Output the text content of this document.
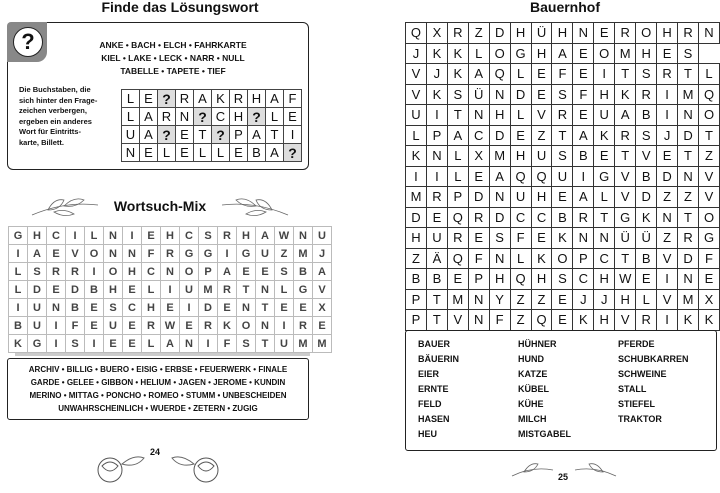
Finde das Lösungswort
?	ANKE • BACH • ELCH • FAHRKARTE
KIEL • LAKE • LECK • NARR • NULL
TABELLE • TAPETE • TIEF
Die Buchstaben, die
sich hinter den Frage-
zeichen verbergen,
ergeben ein anderes
Wort für Eintritts-
karte, Billett.
L	E	?	R	A	K	R	H	A	F
L	A	R	N	?	C	H	?	L	E
U	A	?	E	T	?	P	A	T	I
N	E	L	E	L	L	E	B	A	?
Wortsuch-Mix
G	H	C	I	L	N	I	E	H	C	S	R	H	A	W	N	U
I	A	E	V	O	N	N	F	R	G	G	I	G	U	Z	M	J
L	S	R	R	I	O	H	C	N	O	P	A	E	E	S	B	A
L	D	E	D	B	H	E	L	I	U	M	R	T	N	L	G	V
I	U	N	B	E	S	C	H	E	I	D	E	N	T	E	E	X
B	U	I	F	E	U	E	R	W	E	R	K	O	N	I	R	E
K	G	I	S	I	E	E	L	A	N	I	F	S	T	U	M	M
ARCHIV • BILLIG • BUERO • EISIG • ERBSE • FEUERWERK • FINALE
GARDE • GELEE • GIBBON • HELIUM • JAGEN • JEROME • KUNDIN
MERINO • MITTAG • PONCHO • ROMEO • STUMM • UNBESCHEIDEN
UNWAHRSCHEINLICH • WUERDE • ZETERN • ZUGIG
24
Bauernhof
Q	X	R	Z	D	H	Ü	H	N	E	R	O	H	R	N
J	K	K	L	O	G	H	A	E	O	M	H	E	S	
V	J	K	A	Q	L	E	F	E	I	T	S	R	T	L
V	K	S	Ü	N	D	E	S	F	H	K	R	I	M	Q
U	I	T	N	H	L	V	R	E	U	A	B	I	N	O
L	P	A	C	D	E	Z	T	A	K	R	S	J	D	T
K	N	L	X	M	H	U	S	B	E	T	V	E	T	Z
I	I	L	E	A	Q	Q	U	I	G	V	B	D	N	V
M	R	P	D	N	U	H	E	A	L	V	D	Z	Z	V
D	E	Q	R	D	C	C	B	R	T	G	K	N	T	O
H	U	R	E	S	F	E	K	N	N	Ü	Ü	Z	R	G
Z	Ä	Q	F	N	L	K	O	P	C	T	B	V	D	F
B	B	E	P	H	Q	H	S	C	H	W	E	I	N	E
P	T	M	N	Y	Z	Z	E	J	J	H	L	V	M	X
P	T	V	N	F	Z	Q	E	K	H	V	R	I	K	K
BAUER
BÄUERIN
EIER
ERNTE
FELD
HASEN
HEU
HÜHNER
HUND
KATZE
KÜBEL
KÜHE
MILCH
MISTGABEL
PFERDE
SCHUBKARREN
SCHWEINE
STALL
STIEFEL
TRAKTOR
25
